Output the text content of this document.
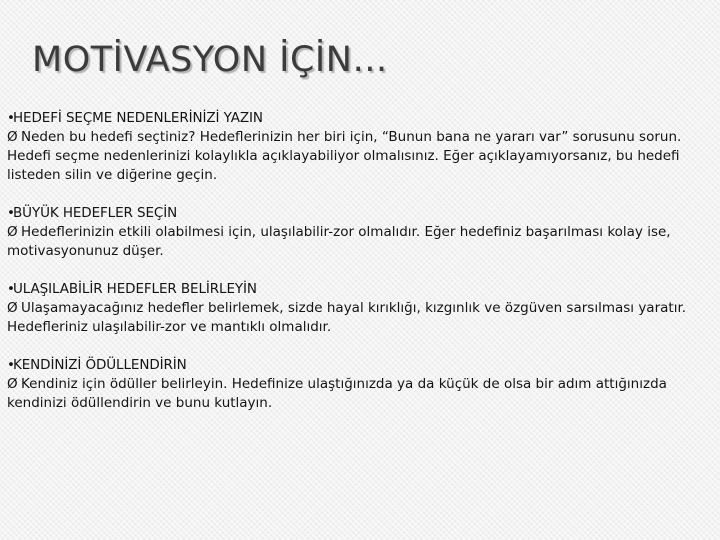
MOTİVASYON İÇİN…
•HEDEFİ SEÇME NEDENLERİNİZİ YAZIN
Ø Neden bu hedefi seçtiniz? Hedeflerinizin her biri için, “Bunun bana ne yararı var” sorusunu sorun. Hedefi seçme nedenlerinizi kolaylıkla açıklayabiliyor olmalısınız. Eğer açıklayamıyorsanız, bu hedefi listeden silin ve diğerine geçin.
•BÜYÜK HEDEFLER SEÇİN
Ø Hedeflerinizin etkili olabilmesi için, ulaşılabilir-zor olmalıdır. Eğer hedefiniz başarılması kolay ise, motivasyonunuz düşer.
•ULAŞILABİLİR HEDEFLER BELİRLEYİN
Ø Ulaşamayacağınız hedefler belirlemek, sizde hayal kırıklığı, kızgınlık ve özgüven sarsılması yaratır. Hedefleriniz ulaşılabilir-zor ve mantıklı olmalıdır.
•KENDİNİZİ ÖDÜLLENDİRİN
Ø Kendiniz için ödüller belirleyin. Hedefinize ulaştığınızda ya da küçük de olsa bir adım attığınızda kendinizi ödüllendirin ve bunu kutlayın.
